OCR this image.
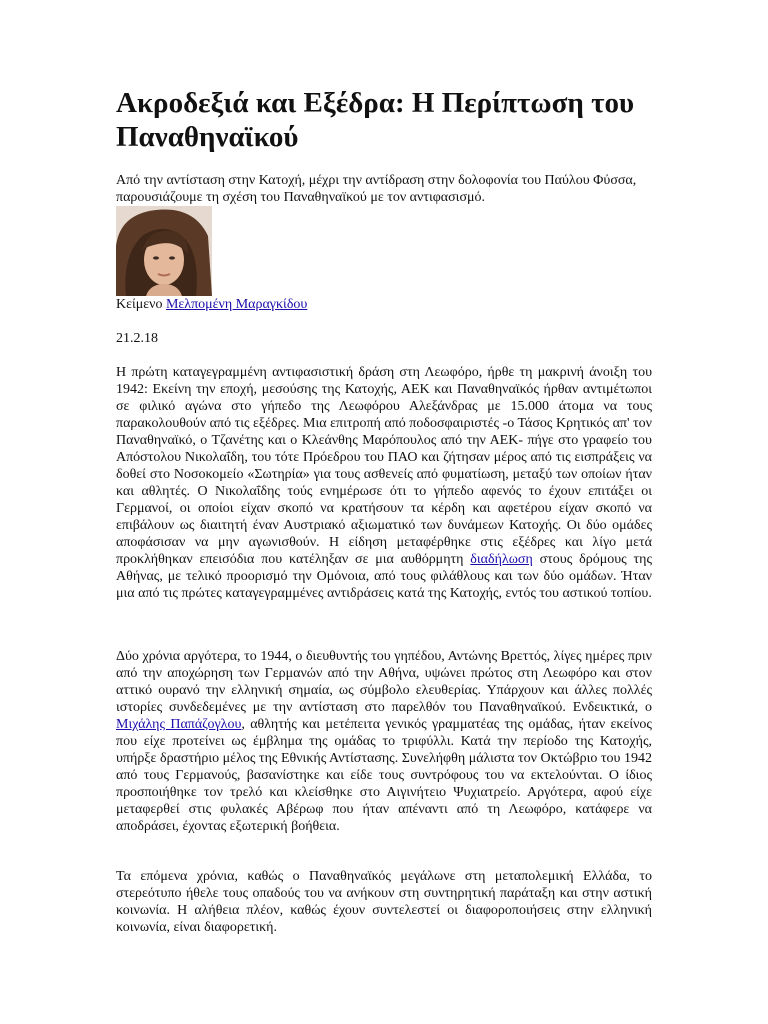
Ακροδεξιά και Εξέδρα: Η Περίπτωση του Παναθηναϊκού

Από την αντίσταση στην Κατοχή, μέχρι την αντίδραση στην δολοφονία του Παύλου Φύσσα, παρουσιάζουμε τη σχέση του Παναθηναϊκού με τον αντιφασισμό.

Κείμενο Μελπομένη Μαραγκίδου

21.2.18

Η πρώτη καταγεγραμμένη αντιφασιστική δράση στη Λεωφόρο, ήρθε τη μακρινή άνοιξη του 1942: Εκείνη την εποχή, μεσούσης της Κατοχής, ΑΕΚ και Παναθηναϊκός ήρθαν αντιμέτωποι σε φιλικό αγώνα στο γήπεδο της Λεωφόρου Αλεξάνδρας με 15.000 άτομα να τους παρακολουθούν από τις εξέδρες. Μια επιτροπή από ποδοσφαιριστές -ο Τάσος Κρητικός απ' τον Παναθηναϊκό, ο Τζανέτης και ο Κλεάνθης Μαρόπουλος από την ΑΕΚ- πήγε στο γραφείο του Απόστολου Νικολαΐδη, του τότε Πρόεδρου του ΠΑΟ και ζήτησαν μέρος από τις εισπράξεις να δοθεί στο Νοσοκομείο «Σωτηρία» για τους ασθενείς από φυματίωση, μεταξύ των οποίων ήταν και αθλητές. Ο Νικολαΐδης τούς ενημέρωσε ότι το γήπεδο αφενός το έχουν επιτάξει οι Γερμανοί, οι οποίοι είχαν σκοπό να κρατήσουν τα κέρδη και αφετέρου είχαν σκοπό να επιβάλουν ως διαιτητή έναν Αυστριακό αξιωματικό των δυνάμεων Κατοχής. Οι δύο ομάδες αποφάσισαν να μην αγωνισθούν. Η είδηση μεταφέρθηκε στις εξέδρες και λίγο μετά προκλήθηκαν επεισόδια που κατέληξαν σε μια αυθόρμητη διαδήλωση στους δρόμους της Αθήνας, με τελικό προορισμό την Ομόνοια, από τους φιλάθλους και των δύο ομάδων. Ήταν μια από τις πρώτες καταγεγραμμένες αντιδράσεις κατά της Κατοχής, εντός του αστικού τοπίου.

Δύο χρόνια αργότερα, το 1944, ο διευθυντής του γηπέδου, Αντώνης Βρεττός, λίγες ημέρες πριν από την αποχώρηση των Γερμανών από την Αθήνα, υψώνει πρώτος στη Λεωφόρο και στον αττικό ουρανό την ελληνική σημαία, ως σύμβολο ελευθερίας. Υπάρχουν και άλλες πολλές ιστορίες συνδεδεμένες με την αντίσταση στο παρελθόν του Παναθηναϊκού. Ενδεικτικά, ο Μιχάλης Παπάζογλου, αθλητής και μετέπειτα γενικός γραμματέας της ομάδας, ήταν εκείνος που είχε προτείνει ως έμβλημα της ομάδας το τριφύλλι. Κατά την περίοδο της Κατοχής, υπήρξε δραστήριο μέλος της Εθνικής Αντίστασης. Συνελήφθη μάλιστα τον Οκτώβριο του 1942 από τους Γερμανούς, βασανίστηκε και είδε τους συντρόφους του να εκτελούνται. Ο ίδιος προσποιήθηκε τον τρελό και κλείσθηκε στο Αιγινήτειο Ψυχιατρείο. Αργότερα, αφού είχε μεταφερθεί στις φυλακές Αβέρωφ που ήταν απέναντι από τη Λεωφόρο, κατάφερε να αποδράσει, έχοντας εξωτερική βοήθεια.

Τα επόμενα χρόνια, καθώς ο Παναθηναϊκός μεγάλωνε στη μεταπολεμική Ελλάδα, το στερεότυπο ήθελε τους οπαδούς του να ανήκουν στη συντηρητική παράταξη και στην αστική κοινωνία. Η αλήθεια πλέον, καθώς έχουν συντελεστεί οι διαφοροποιήσεις στην ελληνική κοινωνία, είναι διαφορετική.
